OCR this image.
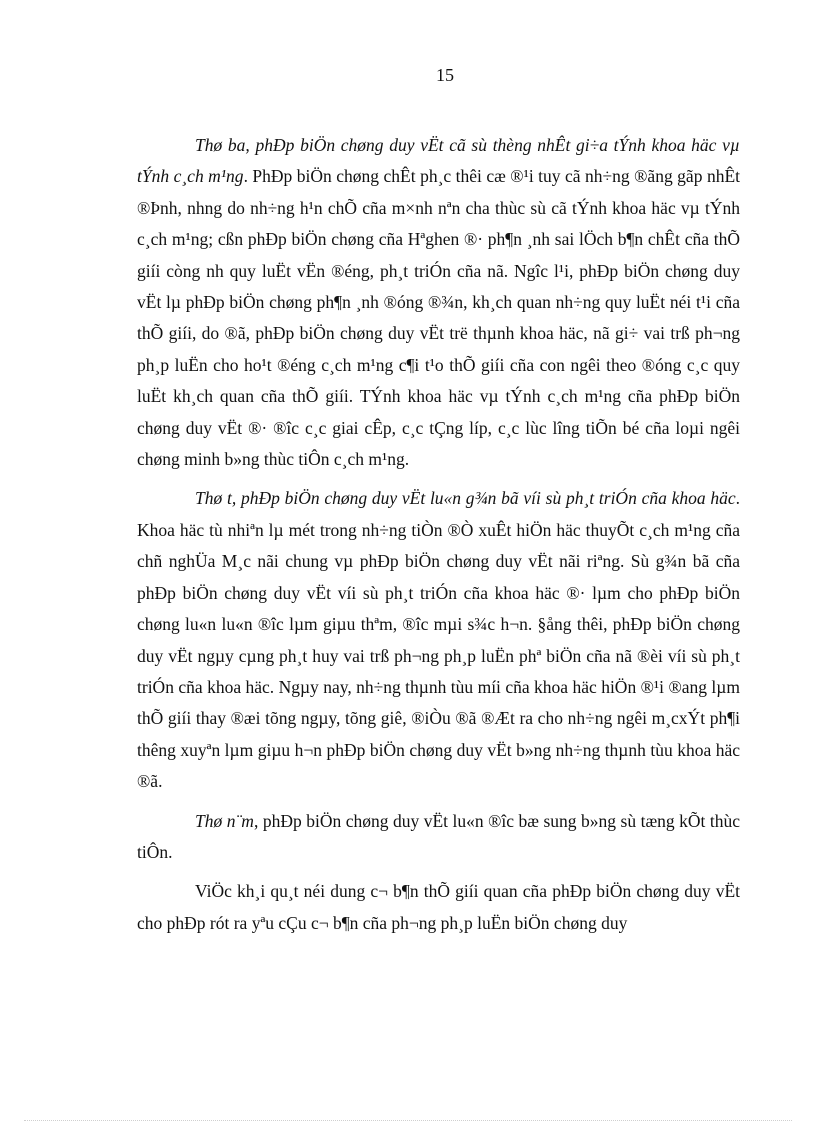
15

Thø ba, phÐp biÖn chøng duy vËt cã sù thèng nhÊt gi÷a tÝnh khoa häc vµ tÝnh c¸ch m¹ng. PhÐp biÖn chøng chÊt ph¸c thêi cæ ®¹i tuy cã nh÷ng ®ãng gãp nhÊt ®Þnh, nhng do nh÷ng h¹n chÕ cña m×nh nªn cha thùc sù cã tÝnh khoa häc vµ tÝnh c¸ch m¹ng; cßn phÐp biÖn chøng cña Hªghen ®· ph¶n ¸nh sai lÖch b¶n chÊt cña thÕ giíi còng nh quy luËt vËn ®éng, ph¸t triÓn cña nã. Ngîc l¹i, phÐp biÖn chøng duy vËt lµ phÐp biÖn chøng ph¶n ¸nh ®óng ®¾n, kh¸ch quan nh÷ng quy luËt néi t¹i cña thÕ giíi, do ®ã, phÐp biÖn chøng duy vËt trë thµnh khoa häc, nã gi÷ vai trß ph¬ng ph¸p luËn cho ho¹t ®éng c¸ch m¹ng c¶i t¹o thÕ giíi cña con ngêi theo ®óng c¸c quy luËt kh¸ch quan cña thÕ giíi. TÝnh khoa häc vµ tÝnh c¸ch m¹ng cña phÐp biÖn chøng duy vËt ®· ®îc c¸c giai cÊp, c¸c tÇng líp, c¸c lùc lîng tiÕn bé cña loµi ngêi chøng minh b»ng thùc tiÔn c¸ch m¹ng.

Thø t, phÐp biÖn chøng duy vËt lu«n g¾n bã víi sù ph¸t triÓn cña khoa häc. Khoa häc tù nhiªn lµ mét trong nh÷ng tiÒn ®Ò xuÊt hiÖn häc thuyÕt c¸ch m¹ng cña chñ nghÜa M¸c nãi chung vµ phÐp biÖn chøng duy vËt nãi riªng. Sù g¾n bã cña phÐp biÖn chøng duy vËt víi sù ph¸t triÓn cña khoa häc ®· lµm cho phÐp biÖn chøng lu«n lu«n ®îc lµm giµu thªm, ®îc mµi s¾c h¬n. §ång thêi, phÐp biÖn chøng duy vËt ngµy cµng ph¸t huy vai trß ph¬ng ph¸p luËn phª biÖn cña nã ®èi víi sù ph¸t triÓn cña khoa häc. Ngµy nay, nh÷ng thµnh tùu míi cña khoa häc hiÖn ®¹i ®ang lµm thÕ giíi thay ®æi tõng ngµy, tõng giê, ®iÒu ®ã ®Æt ra cho nh÷ng ngêi m¸cxÝt ph¶i thêng xuyªn lµm giµu h¬n phÐp biÖn chøng duy vËt b»ng nh÷ng thµnh tùu khoa häc ®ã.

Thø n¨m, phÐp biÖn chøng duy vËt lu«n ®îc bæ sung b»ng sù tæng kÕt thùc tiÔn.

ViÖc kh¸i qu¸t néi dung c¬ b¶n thÕ giíi quan cña phÐp biÖn chøng duy vËt cho phÐp rót ra yªu cÇu c¬ b¶n cña ph¬ng ph¸p luËn biÖn chøng duy
